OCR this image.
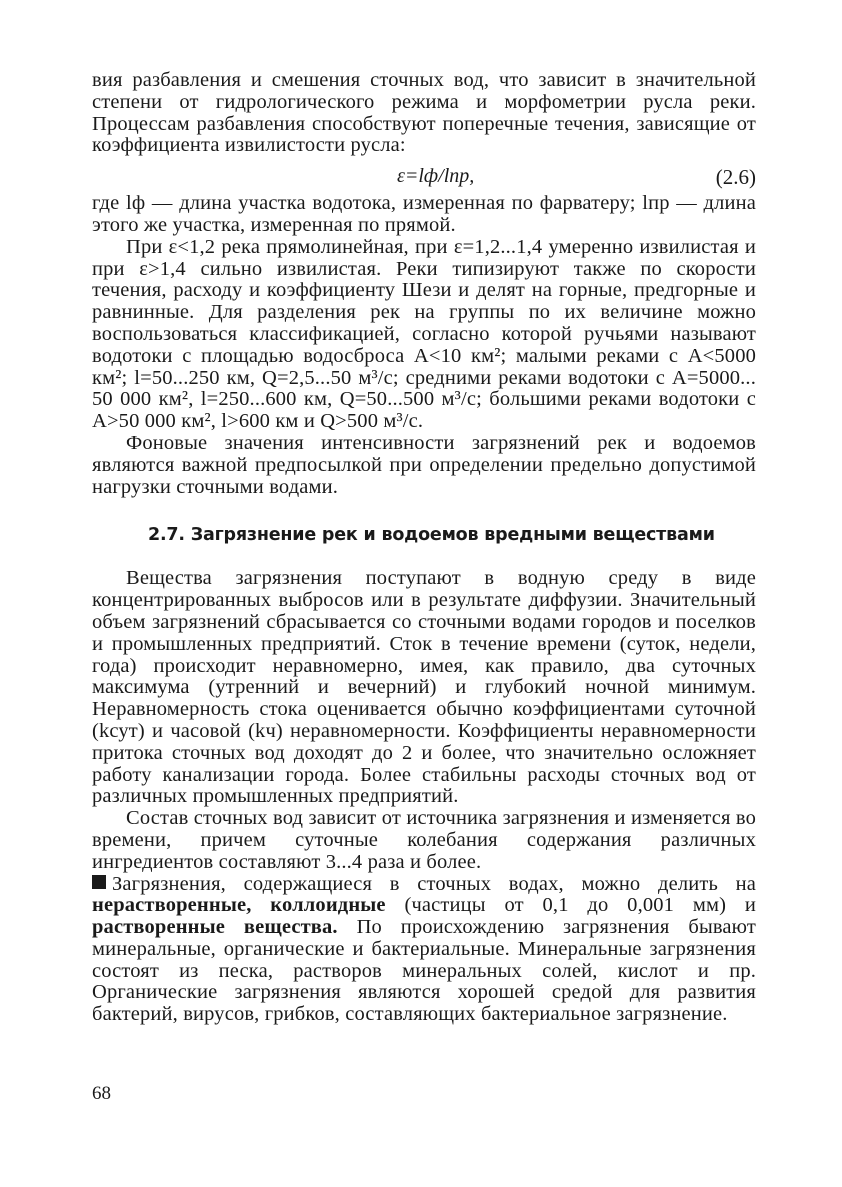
вия разбавления и смешения сточных вод, что зависит в значительной степени от гидрологического режима и морфометрии русла реки. Процессам разбавления способствуют поперечные течения, зависящие от коэффициента извилистости русла:

ε=lф/lпр,	(2.6)

где lф — длина участка водотока, измеренная по фарватеру; lпр — длина этого же участка, измеренная по прямой.

При ε<1,2 река прямолинейная, при ε=1,2...1,4 умеренно извилистая и при ε>1,4 сильно извилистая. Реки типизируют также по скорости течения, расходу и коэффициенту Шези и делят на горные, предгорные и равнинные. Для разделения рек на группы по их величине можно воспользоваться классификацией, согласно которой ручьями называют водотоки с площадью водосброса A<10 км²; малыми реками с A<5000 км²; l=50...250 км, Q=2,5...50 м³/с; средними реками водотоки с A=5000... 50 000 км², l=250...600 км, Q=50...500 м³/с; большими реками водотоки с A>50 000 км², l>600 км и Q>500 м³/с.

Фоновые значения интенсивности загрязнений рек и водоемов являются важной предпосылкой при определении предельно допустимой нагрузки сточными водами.

2.7. Загрязнение рек и водоемов вредными веществами

Вещества загрязнения поступают в водную среду в виде концентрированных выбросов или в результате диффузии. Значительный объем загрязнений сбрасывается со сточными водами городов и поселков и промышленных предприятий. Сток в течение времени (суток, недели, года) происходит неравномерно, имея, как правило, два суточных максимума (утренний и вечерний) и глубокий ночной минимум. Неравномерность стока оценивается обычно коэффициентами суточной (kсут) и часовой (kч) неравномерности. Коэффициенты неравномерности притока сточных вод доходят до 2 и более, что значительно осложняет работу канализации города. Более стабильны расходы сточных вод от различных промышленных предприятий.

Состав сточных вод зависит от источника загрязнения и изменяется во времени, причем суточные колебания содержания различных ингредиентов составляют 3...4 раза и более.

Загрязнения, содержащиеся в сточных водах, можно делить на нерастворенные, коллоидные (частицы от 0,1 до 0,001 мм) и растворенные вещества. По происхождению загрязнения бывают минеральные, органические и бактериальные. Минеральные загрязнения состоят из песка, растворов минеральных солей, кислот и пр. Органические загрязнения являются хорошей средой для развития бактерий, вирусов, грибков, составляющих бактериальное загрязнение.

68
